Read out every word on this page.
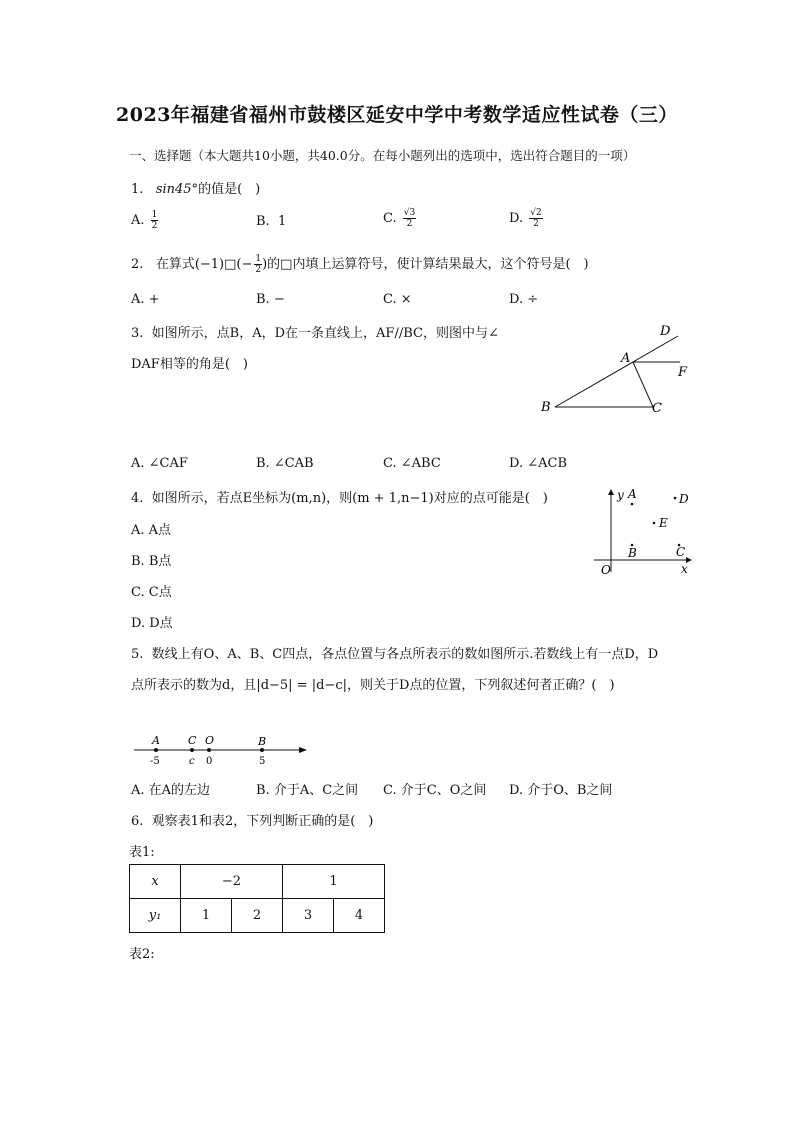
2023年福建省福州市鼓楼区延安中学中考数学适应性试卷（三）
一、选择题（本大题共10小题，共40.0分。在每小题列出的选项中，选出符合题目的一项）
1. sin45°的值是(　)
A. $\frac{1}{2}$	B. 1	C. $\frac{√3}{2}$	D. $\frac{√2}{2}$
2. 在算式(−1)□(− $\frac{1}{2}$ )的□内填上运算符号，使计算结果最大，这个符号是(　)
A. +	B. −	C. ×	D. ÷
3. 如图所示，点B，A，D在一条直线上，AF//BC，则图中与∠
DAF相等的角是(　)
D
A
F
B	C
A. ∠CAF	B. ∠CAB	C. ∠ABC	D. ∠ACB
4. 如图所示，若点E坐标为(m,n)，则(m + 1,n−1)对应的点可能是(　)
A. A点
B. B点
C. C点
D. D点
y A	D
E
B	C
O	x
5. 数线上有O、A、B、C四点，各点位置与各点所表示的数如图所示.若数线上有一点D，D
点所表示的数为d，且|d−5| = |d−c|，则关于D点的位置，下列叙述何者正确？(　)
A
-5
C
c
O
0
B
5
A. 在A的左边	B. 介于A、C之间 C. 介于C、O之间 D. 介于O、B之间
6. 观察表1和表2，下列判断正确的是(　)
表1:
x	−2		1	
y₁	1	2	3	4
表2:
